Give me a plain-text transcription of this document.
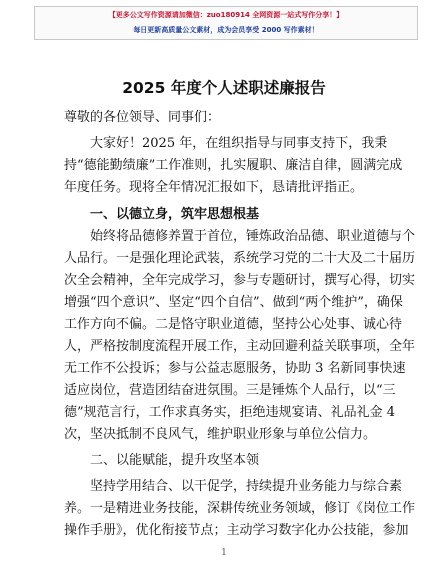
【更多公文写作资源请加微信：zuo180914 全网资源一站式写作分享！】
每日更新高质量公文素材，成为会员享受 2000 写作素材！
2025 年度个人述职述廉报告

尊敬的各位领导、同事们：

大家好！2025 年，在组织指导与同事支持下，我秉

持“德能勤绩廉”工作准则，扎实履职、廉洁自律，圆满完成

年度任务。现将全年情况汇报如下，恳请批评指正。

一、以德立身，筑牢思想根基

始终将品德修养置于首位，锤炼政治品德、职业道德与个

人品行。一是强化理论武装，系统学习党的二十大及二十届历

次全会精神，全年完成学习，参与专题研讨，撰写心得，切实

增强“四个意识”、坚定“四个自信”、做到“两个维护”，确保

工作方向不偏。二是恪守职业道德，坚持公心处事、诚心待

人，严格按制度流程开展工作，主动回避利益关联事项，全年

无工作不公投诉；参与公益志愿服务，协助 3 名新同事快速

适应岗位，营造团结奋进氛围。三是锤炼个人品行，以“三

德”规范言行，工作求真务实，拒绝违规宴请、礼品礼金 4

次，坚决抵制不良风气，维护职业形象与单位公信力。

二、以能赋能，提升攻坚本领

坚持学用结合、以干促学，持续提升业务能力与综合素

养。一是精进业务技能，深耕传统业务领域，修订《岗位工作

操作手册》，优化衔接节点；主动学习数字化办公技能，参加

1
